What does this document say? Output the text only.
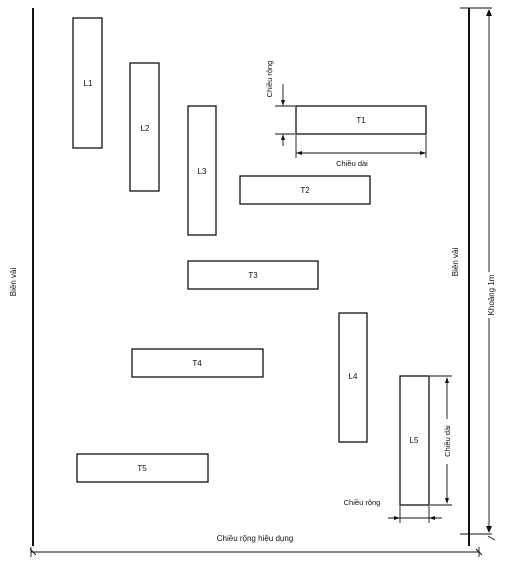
Biên vải
Biên vải
Khoảng 1m
Chiều rộng hiệu dụng
L1
L2
L3
L4
L5
T1
T2
T3
T4
T5
Chiều rộng
Chiều dài
Chiều dài
Chiều rộng
